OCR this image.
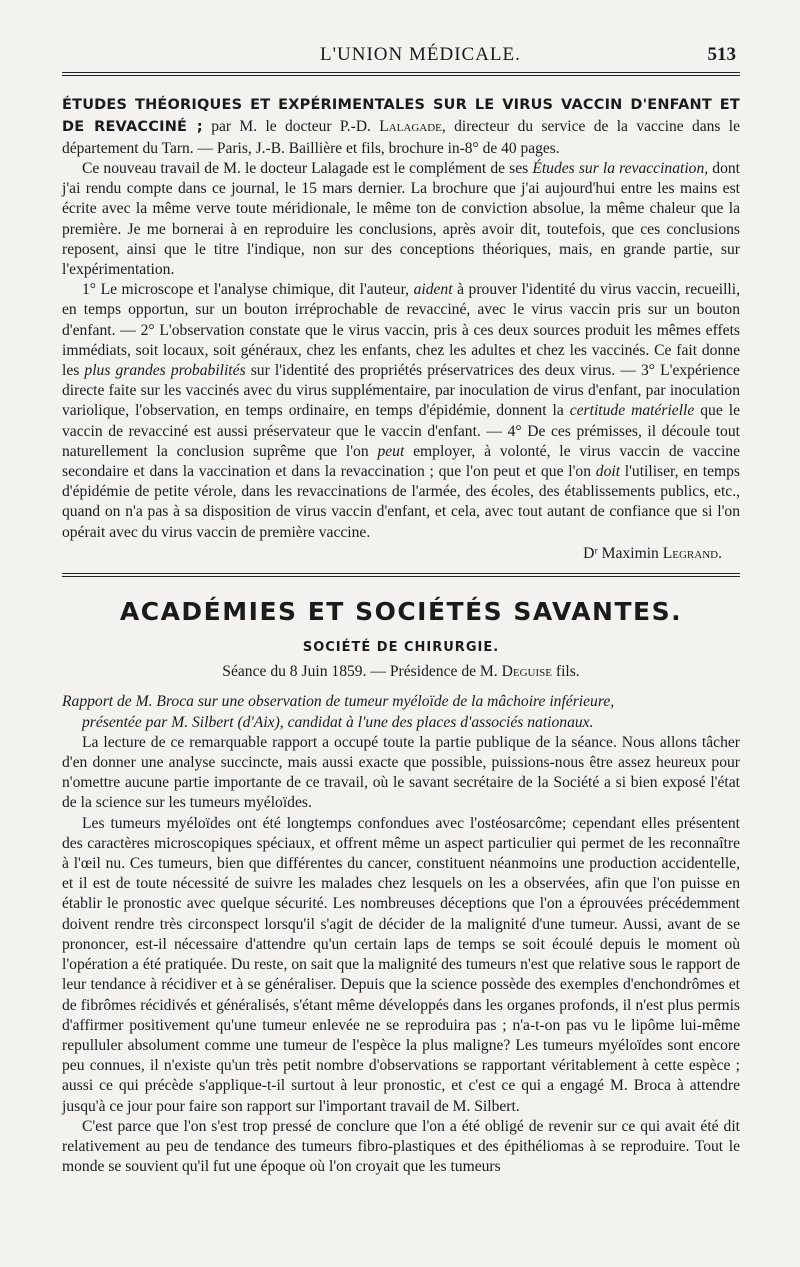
L'UNION MÉDICALE.	513
ÉTUDES THÉORIQUES ET EXPÉRIMENTALES SUR LE VIRUS VACCIN D'ENFANT ET DE REVACCINÉ ; par M. le docteur P.-D. Lalagade, directeur du service de la vaccine dans le département du Tarn. — Paris, J.-B. Baillière et fils, brochure in-8° de 40 pages.

Ce nouveau travail de M. le docteur Lalagade est le complément de ses Études sur la revaccination, dont j'ai rendu compte dans ce journal, le 15 mars dernier. La brochure que j'ai aujourd'hui entre les mains est écrite avec la même verve toute méridionale, le même ton de conviction absolue, la même chaleur que la première. Je me bornerai à en reproduire les conclusions, après avoir dit, toutefois, que ces conclusions reposent, ainsi que le titre l'indique, non sur des conceptions théoriques, mais, en grande partie, sur l'expérimentation.

1° Le microscope et l'analyse chimique, dit l'auteur, aident à prouver l'identité du virus vaccin, recueilli, en temps opportun, sur un bouton irréprochable de revacciné, avec le virus vaccin pris sur un bouton d'enfant. — 2° L'observation constate que le virus vaccin, pris à ces deux sources produit les mêmes effets immédiats, soit locaux, soit généraux, chez les enfants, chez les adultes et chez les vaccinés. Ce fait donne les plus grandes probabilités sur l'identité des propriétés préservatrices des deux virus. — 3° L'expérience directe faite sur les vaccinés avec du virus supplémentaire, par inoculation de virus d'enfant, par inoculation variolique, l'observation, en temps ordinaire, en temps d'épidémie, donnent la certitude matérielle que le vaccin de revacciné est aussi préservateur que le vaccin d'enfant. — 4° De ces prémisses, il découle tout naturellement la conclusion suprême que l'on peut employer, à volonté, le virus vaccin de vaccine secondaire et dans la vaccination et dans la revaccination ; que l'on peut et que l'on doit l'utiliser, en temps d'épidémie de petite vérole, dans les revaccinations de l'armée, des écoles, des établissements publics, etc., quand on n'a pas à sa disposition de virus vaccin d'enfant, et cela, avec tout autant de confiance que si l'on opérait avec du virus vaccin de première vaccine.

Dʳ Maximin Legrand.
ACADÉMIES ET SOCIÉTÉS SAVANTES.
SOCIÉTÉ DE CHIRURGIE.
Séance du 8 Juin 1859. — Présidence de M. Deguise fils.
Rapport de M. Broca sur une observation de tumeur myéloïde de la mâchoire inférieure,
présentée par M. Silbert (d'Aix), candidat à l'une des places d'associés nationaux.

La lecture de ce remarquable rapport a occupé toute la partie publique de la séance. Nous allons tâcher d'en donner une analyse succincte, mais aussi exacte que possible, puissions-nous être assez heureux pour n'omettre aucune partie importante de ce travail, où le savant secrétaire de la Société a si bien exposé l'état de la science sur les tumeurs myéloïdes.

Les tumeurs myéloïdes ont été longtemps confondues avec l'ostéosarcôme; cependant elles présentent des caractères microscopiques spéciaux, et offrent même un aspect particulier qui permet de les reconnaître à l'œil nu. Ces tumeurs, bien que différentes du cancer, constituent néanmoins une production accidentelle, et il est de toute nécessité de suivre les malades chez lesquels on les a observées, afin que l'on puisse en établir le pronostic avec quelque sécurité. Les nombreuses déceptions que l'on a éprouvées précédemment doivent rendre très circonspect lorsqu'il s'agit de décider de la malignité d'une tumeur. Aussi, avant de se prononcer, est-il nécessaire d'attendre qu'un certain laps de temps se soit écoulé depuis le moment où l'opération a été pratiquée. Du reste, on sait que la malignité des tumeurs n'est que relative sous le rapport de leur tendance à récidiver et à se généraliser. Depuis que la science possède des exemples d'enchondrômes et de fibrômes récidivés et généralisés, s'étant même développés dans les organes profonds, il n'est plus permis d'affirmer positivement qu'une tumeur enlevée ne se reproduira pas ; n'a-t-on pas vu le lipôme lui-même repulluler absolument comme une tumeur de l'espèce la plus maligne? Les tumeurs myéloïdes sont encore peu connues, il n'existe qu'un très petit nombre d'observations se rapportant véritablement à cette espèce ; aussi ce qui précède s'applique-t-il surtout à leur pronostic, et c'est ce qui a engagé M. Broca à attendre jusqu'à ce jour pour faire son rapport sur l'important travail de M. Silbert.

C'est parce que l'on s'est trop pressé de conclure que l'on a été obligé de revenir sur ce qui avait été dit relativement au peu de tendance des tumeurs fibro-plastiques et des épithéliomas à se reproduire. Tout le monde se souvient qu'il fut une époque où l'on croyait que les tumeurs
